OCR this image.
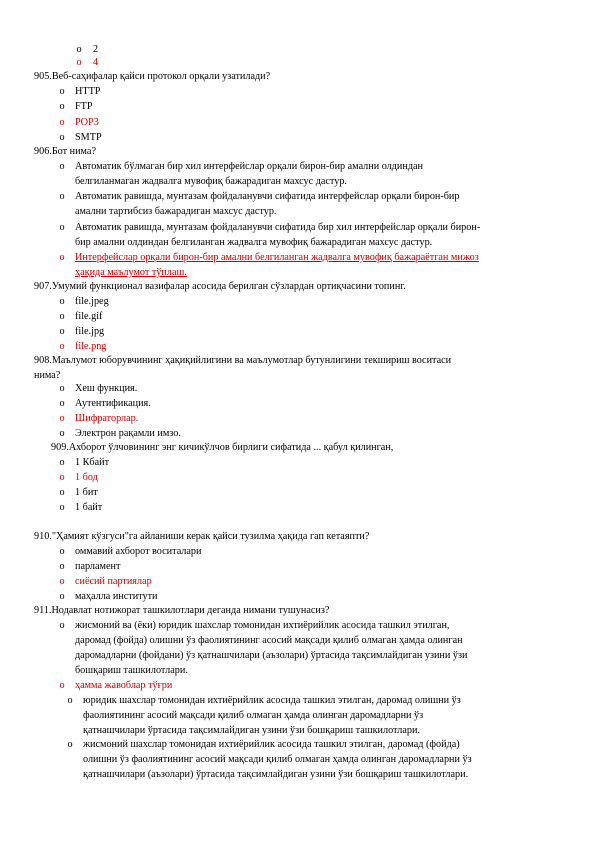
o 2
o 4
905.Веб-саҳифалар қайси протокол орқали узатилади?
o HTTP
o FTP
o POP3
o SMTP
906.Бот нима?
o Автоматик бўлмаган бир хил интерфейслар орқали бирон-бир амални олдиндан
белгиланмаган жадвалга мувофиқ бажарадиган махсус дастур.
o Автоматик равишда, мунтазам фойдаланувчи сифатида интерфейслар орқали бирон-бир
амални тартибсиз бажарадиган махсус дастур.
o Автоматик равишда, мунтазам фойдаланувчи сифатида бир хил интерфейслар орқали бирон-
бир амални олдиндан белгиланган жадвалга мувофиқ бажарадиган махсус дастур.
o Интерфейслар орқали бирон-бир амални белгиланган жадвалга мувофиқ бажараётган мижоз
ҳақида маълумот тўплаш.
907.Умумий функционал вазифалар асосида берилган сўзлардан ортиқчасини топинг.
o file.jpeg
o file.gif
o file.jpg
o file.png
908.Маълумот юборувчининг ҳақиқийлигини ва маълумотлар бутунлигини текшириш воситаси
нима?
o Хеш функция.
o Аутентификация.
o Шифраторлар.
o Электрон рақамли имзо.
909.Ахборот ўлчовининг энг кичикўлчов бирлиги сифатида ... қабул қилинган,
o 1 Кбайт
o 1 бод
o 1 бит
o 1 байт
910."Ҳамият кўзгуси"га айланиши керак қайси тузилма ҳақида гап кетаяпти?
o оммавий ахборот воситалари
o парламент
o сиёсий партиялар
o маҳалла институти
911.Нодавлат нотижорат ташкилотлари деганда нимани тушунасиз?
o жисмоний ва (ёки) юридик шахслар томонидан ихтиёрийлик асосида ташкил этилган,
даромад (фойда) олишни ўз фаолиятининг асосий мақсади қилиб олмаган ҳамда олинган
даромадларни (фойдани) ўз қатнашчилари (аъзолари) ўртасида тақсимлайдиган узини ўзи
бошқариш ташкилотлари.
o ҳамма жавоблар тўғри
o юридик шахслар томонидан ихтиёрийлик асосида ташкил этилган, даромад олишни ўз
фаолиятининг асосий мақсади қилиб олмаган ҳамда олинган даромадларни ўз
қатнашчилари ўртасида тақсимлайдиган узини ўзи бошқариш ташкилотлари.
o жисмоний шахслар томонидан ихтиёрийлик асосида ташкил этилган, даромад (фойда)
олишни ўз фаолиятининг асосий мақсади қилиб олмаган ҳамда олинган даромадларни ўз
қатнашчилари (аъзолари) ўртасида тақсимлайдиган узини ўзи бошқариш ташкилотлари.
